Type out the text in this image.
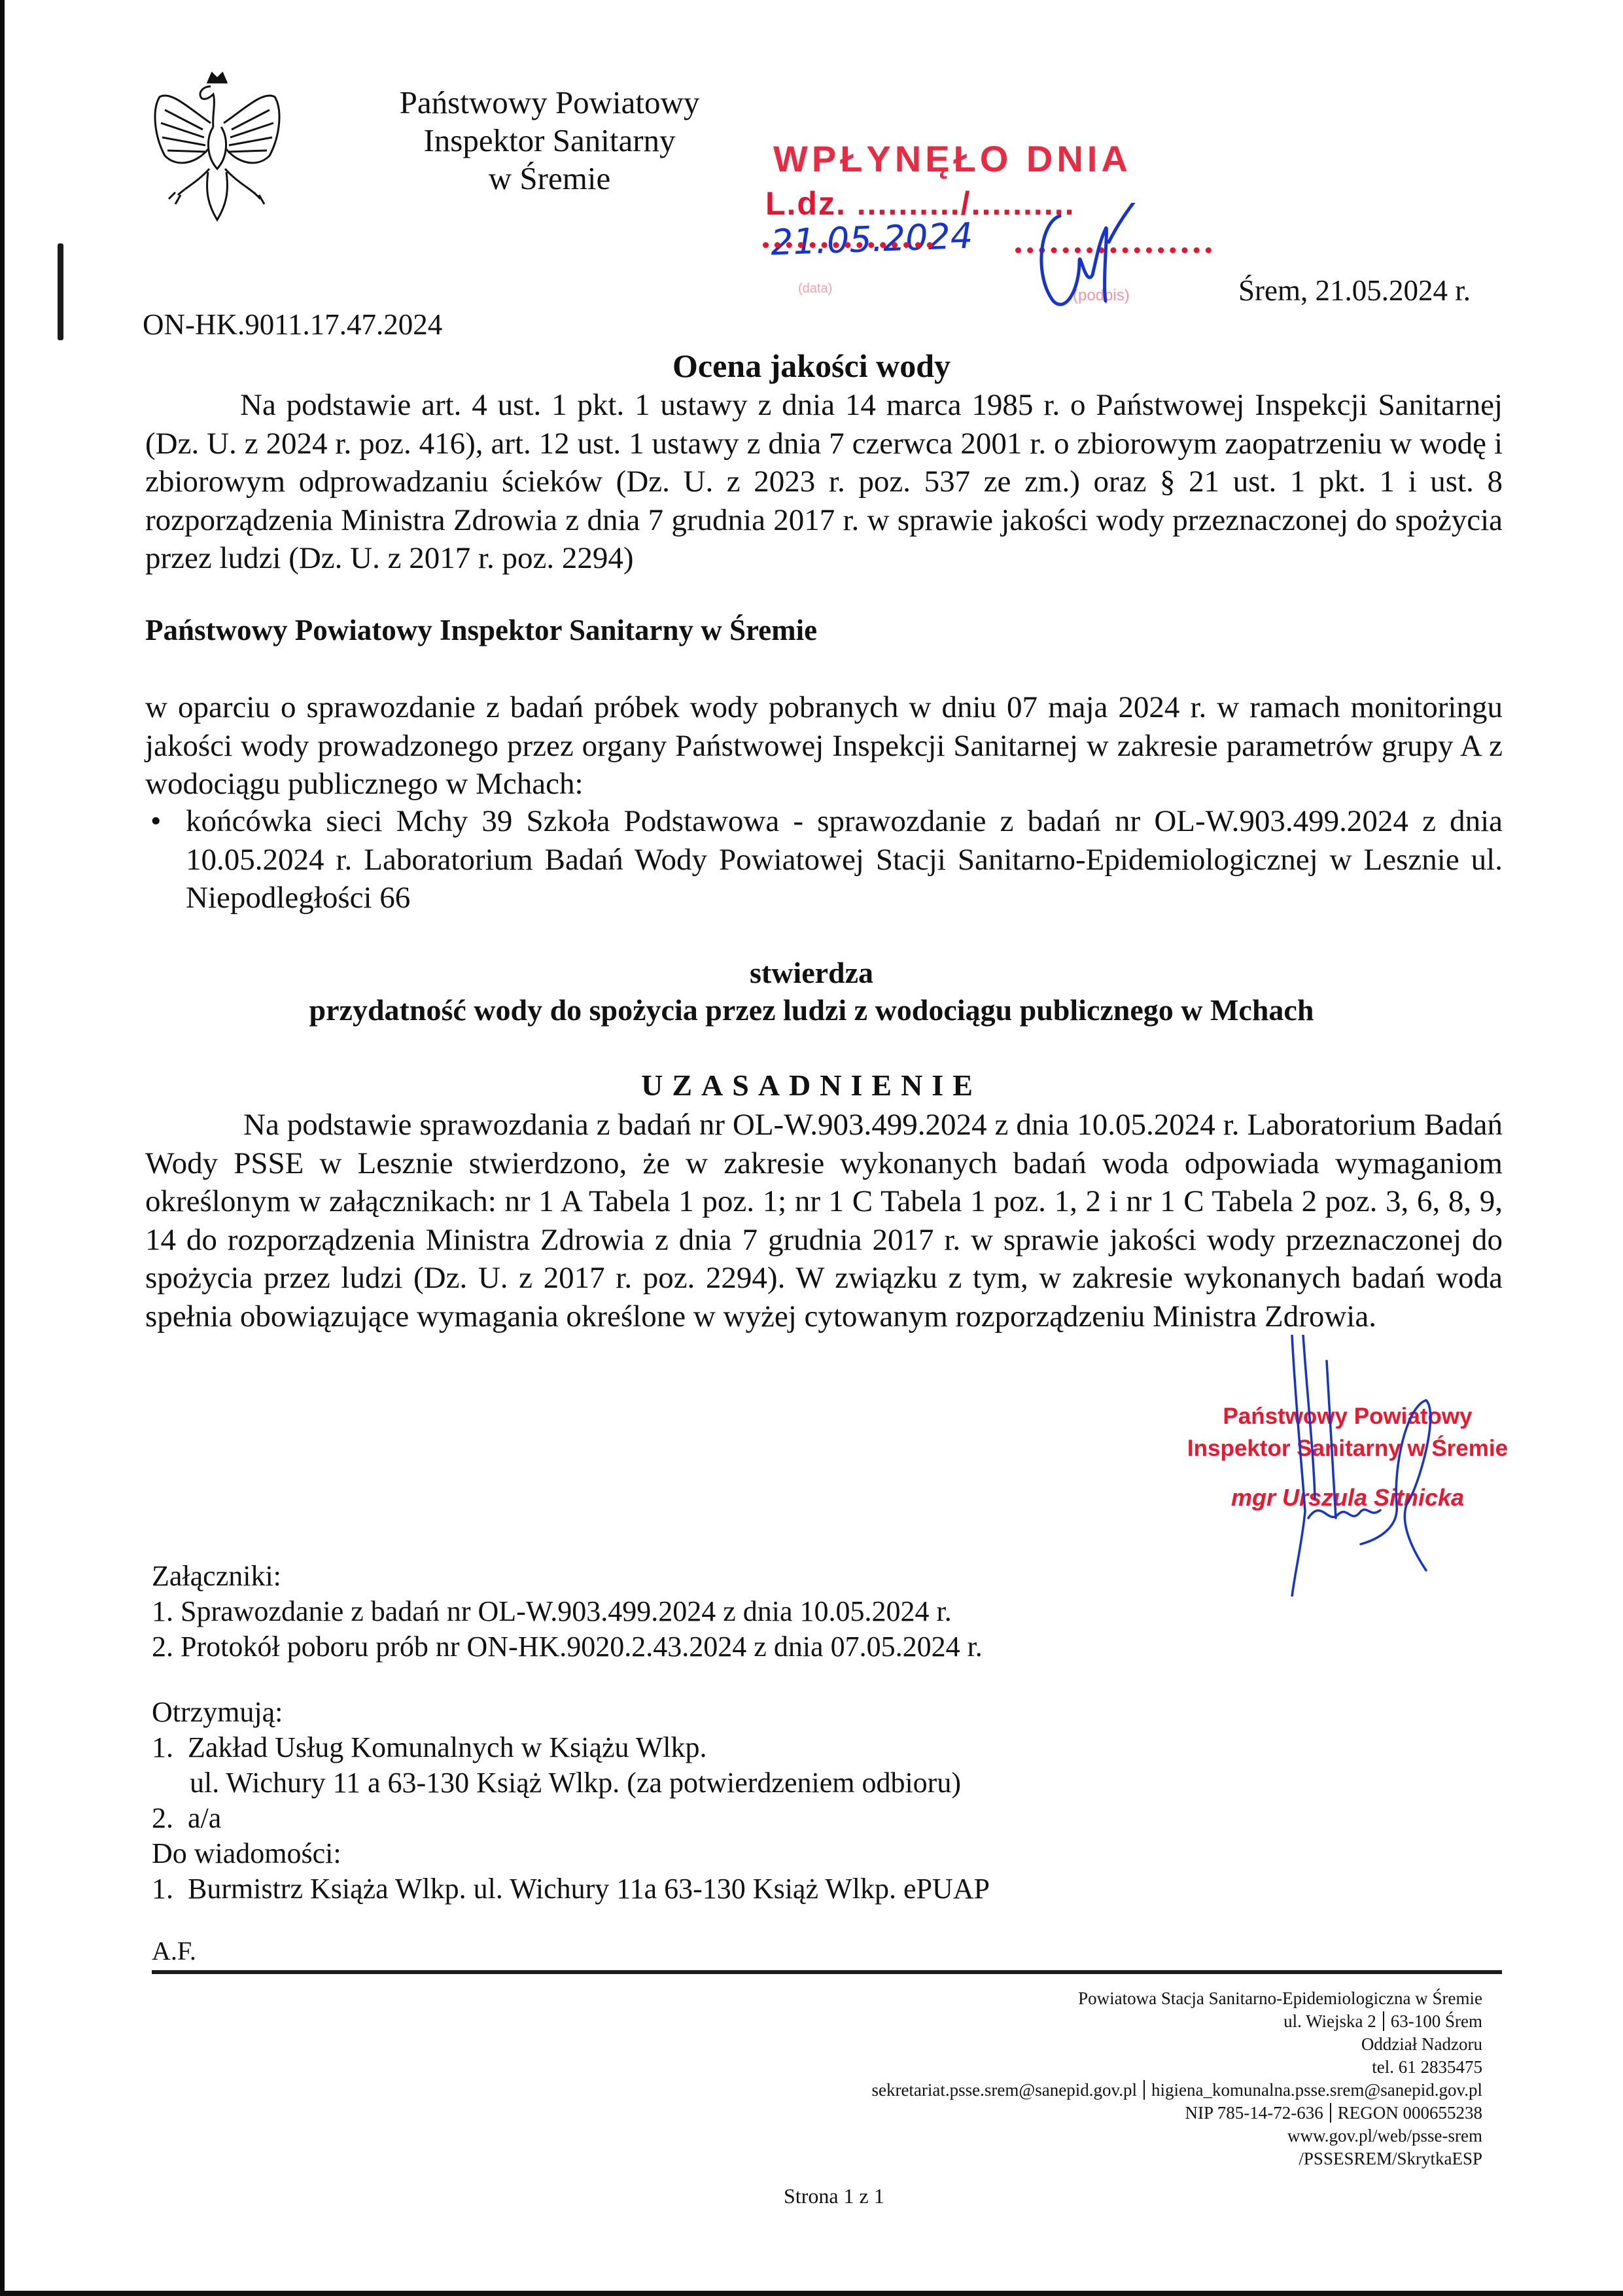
Państwowy Powiatowy
Inspektor Sanitarny
w Śremie
ON-HK.9011.17.47.2024
WPŁYNĘŁO DNIA
L.dz. ........../..........
21.05.2024
(data)	(podpis)	Śrem, 21.05.2024 r.
Ocena jakości wody
Na podstawie art. 4 ust. 1 pkt. 1 ustawy z dnia 14 marca 1985 r. o Państwowej Inspekcji Sanitarnej (Dz. U. z 2024 r. poz. 416), art. 12 ust. 1 ustawy z dnia 7 czerwca 2001 r. o zbiorowym zaopatrzeniu w wodę i zbiorowym odprowadzaniu ścieków (Dz. U. z 2023 r. poz. 537 ze zm.) oraz § 21 ust. 1 pkt. 1 i ust. 8 rozporządzenia Ministra Zdrowia z dnia 7 grudnia 2017 r. w sprawie jakości wody przeznaczonej do spożycia przez ludzi (Dz. U. z 2017 r. poz. 2294)
Państwowy Powiatowy Inspektor Sanitarny w Śremie
w oparciu o sprawozdanie z badań próbek wody pobranych w dniu 07 maja 2024 r. w ramach monitoringu jakości wody prowadzonego przez organy Państwowej Inspekcji Sanitarnej w zakresie parametrów grupy A z wodociągu publicznego w Mchach:
• końcówka sieci Mchy 39 Szkoła Podstawowa - sprawozdanie z badań nr OL-W.903.499.2024 z dnia 10.05.2024 r. Laboratorium Badań Wody Powiatowej Stacji Sanitarno-Epidemiologicznej w Lesznie ul. Niepodległości 66
stwierdza
przydatność wody do spożycia przez ludzi z wodociągu publicznego w Mchach
UZASADNIENIE
Na podstawie sprawozdania z badań nr OL-W.903.499.2024 z dnia 10.05.2024 r. Laboratorium Badań Wody PSSE w Lesznie stwierdzono, że w zakresie wykonanych badań woda odpowiada wymaganiom określonym w załącznikach: nr 1 A Tabela 1 poz. 1; nr 1 C Tabela 1 poz. 1, 2 i nr 1 C Tabela 2 poz. 3, 6, 8, 9, 14 do rozporządzenia Ministra Zdrowia z dnia 7 grudnia 2017 r. w sprawie jakości wody przeznaczonej do spożycia przez ludzi (Dz. U. z 2017 r. poz. 2294). W związku z tym, w zakresie wykonanych badań woda spełnia obowiązujące wymagania określone w wyżej cytowanym rozporządzeniu Ministra Zdrowia.
Państwowy Powiatowy
Inspektor Sanitarny w Śremie
mgr Urszula Sitnicka
Załączniki:
1. Sprawozdanie z badań nr OL-W.903.499.2024 z dnia 10.05.2024 r.
2. Protokół poboru prób nr ON-HK.9020.2.43.2024 z dnia 07.05.2024 r.
Otrzymują:
1. Zakład Usług Komunalnych w Książu Wlkp.
ul. Wichury 11 a 63-130 Książ Wlkp. (za potwierdzeniem odbioru)
2. a/a
Do wiadomości:
1. Burmistrz Książa Wlkp. ul. Wichury 11a 63-130 Książ Wlkp. ePUAP
A.F.
Powiatowa Stacja Sanitarno-Epidemiologiczna w Śremie
ul. Wiejska 2 63-100 Śrem
Oddział Nadzoru
tel. 61 2835475
sekretariat.psse.srem@sanepid.gov.pl higiena_komunalna.psse.srem@sanepid.gov.pl
NIP 785-14-72-636 REGON 000655238
www.gov.pl/web/psse-srem
/PSSESREM/SkrytkaESP
Strona 1 z 1
